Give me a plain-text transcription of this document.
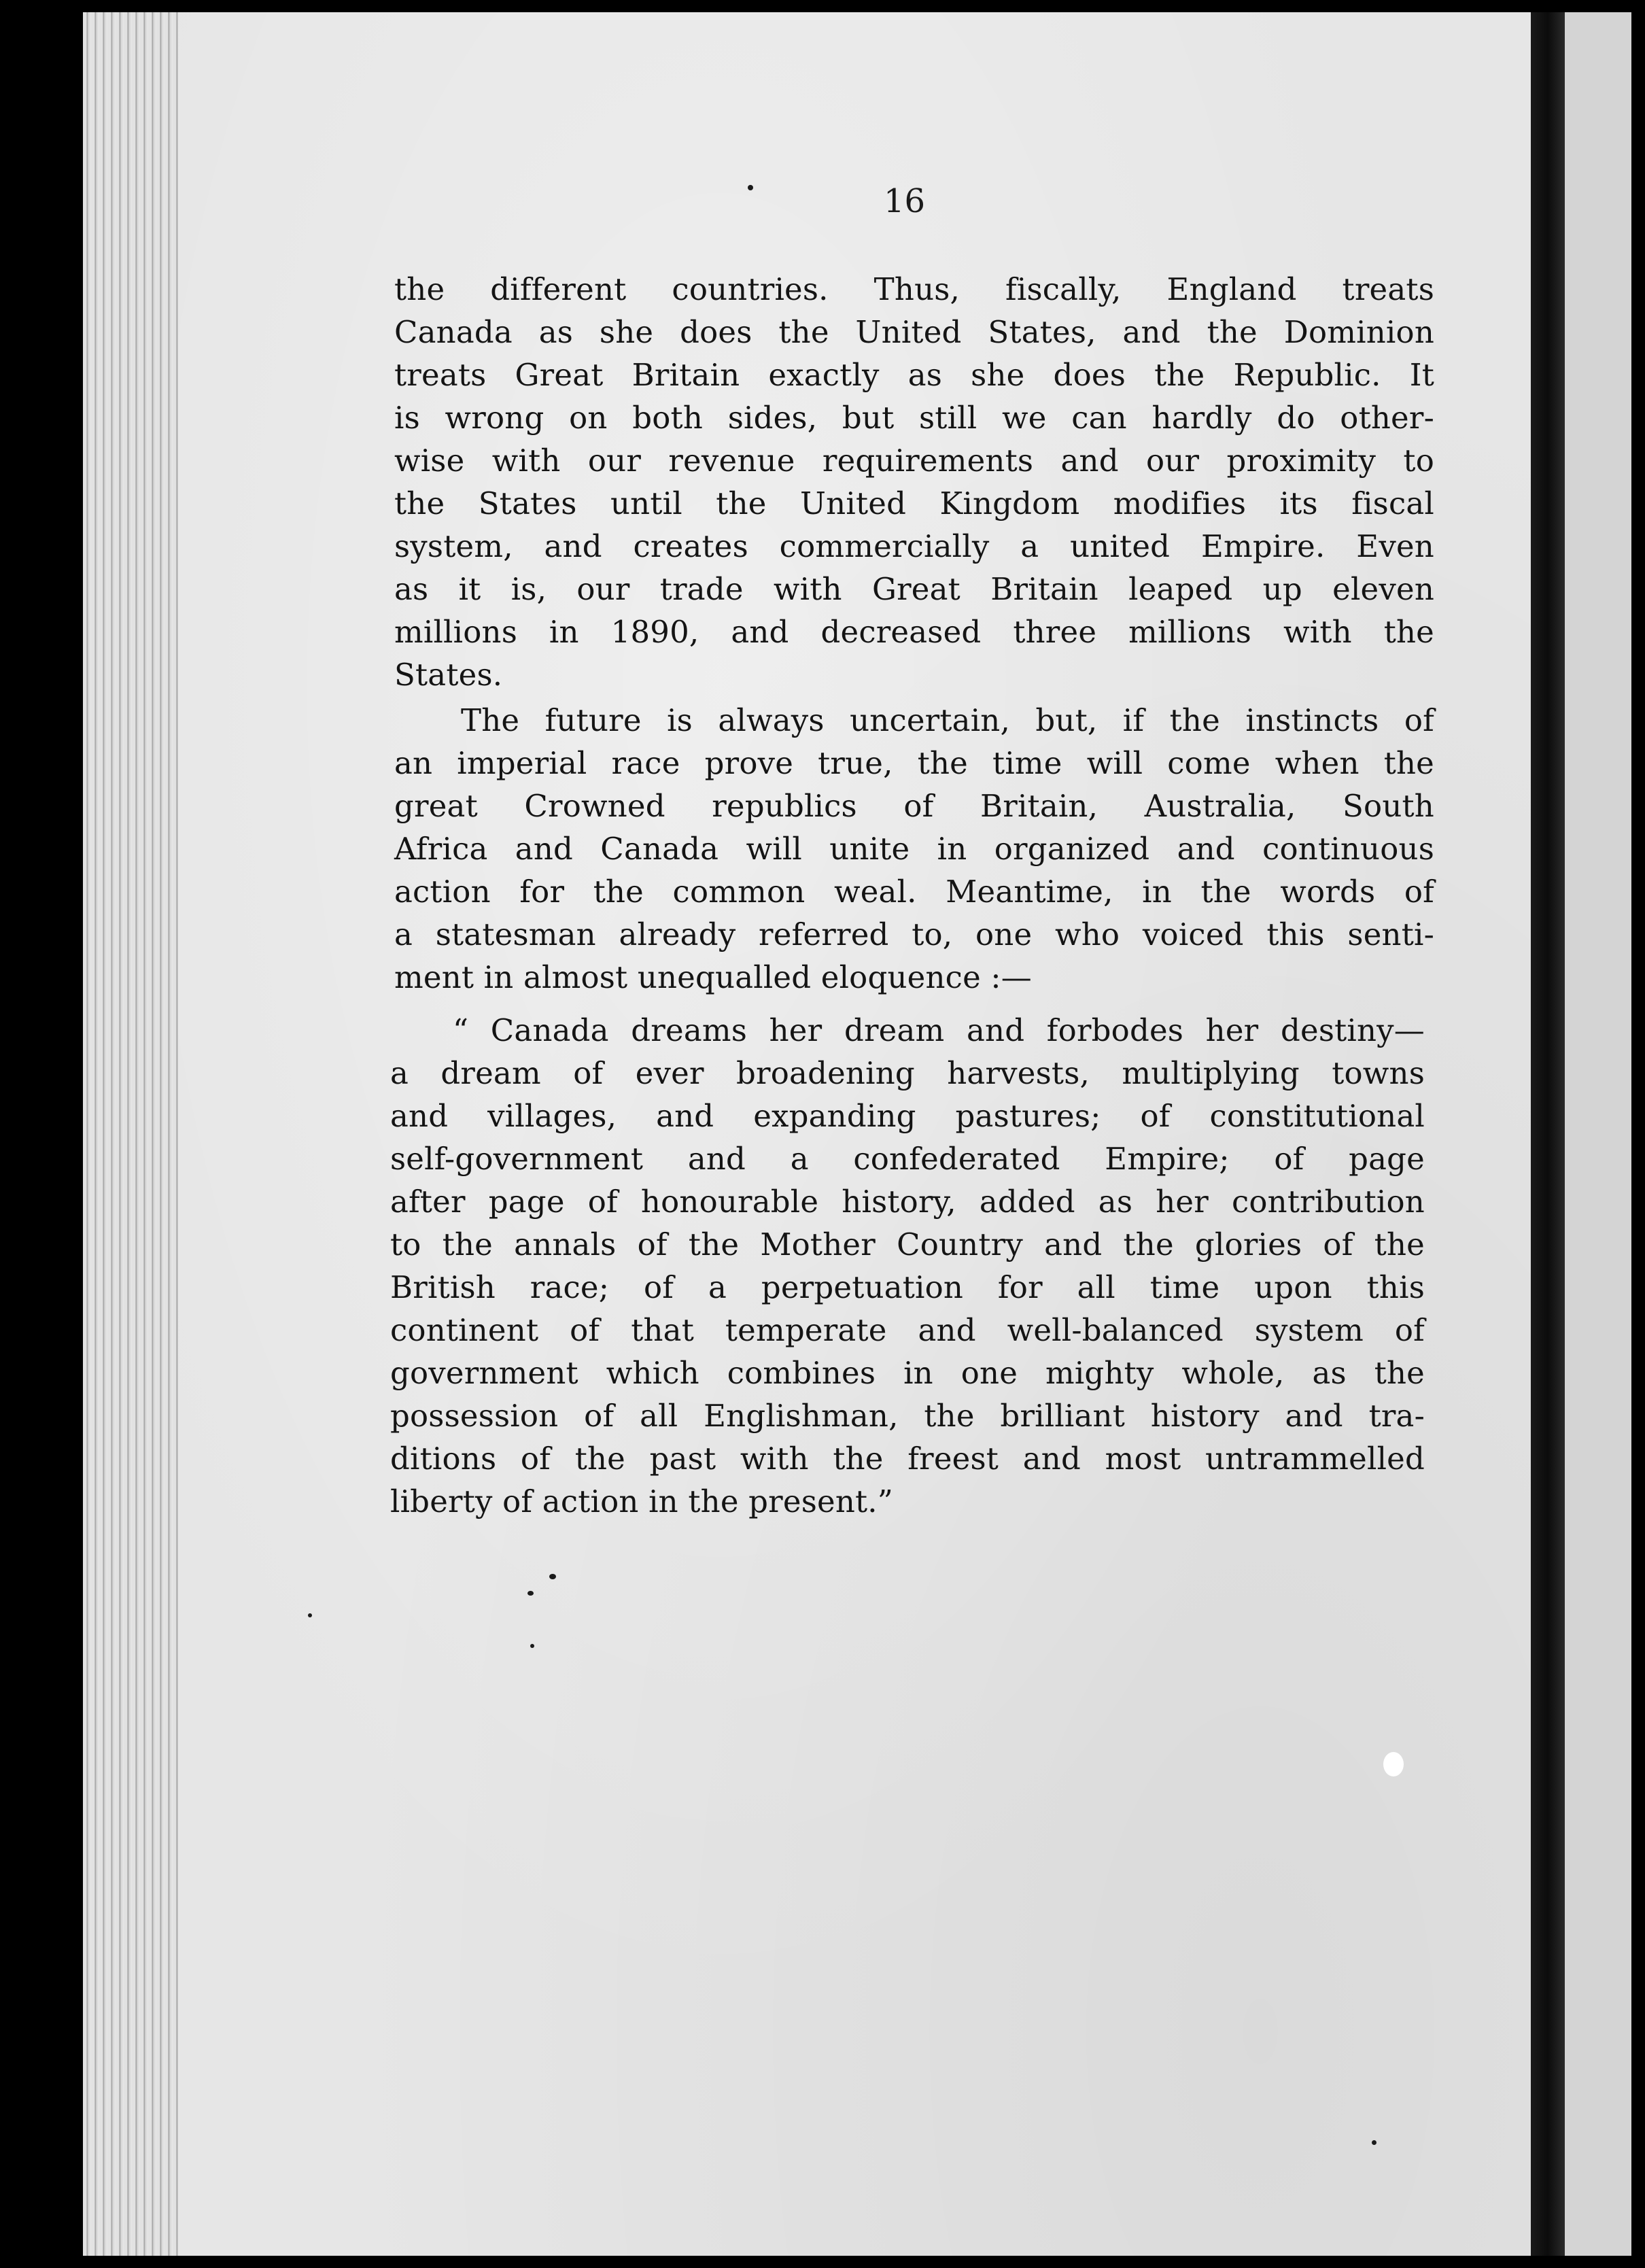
16
the different countries. Thus, fiscally, England treats
Canada as she does the United States, and the Dominion
treats Great Britain exactly as she does the Republic. It
is wrong on both sides, but still we can hardly do other-
wise with our revenue requirements and our proximity to
the States until the United Kingdom modifies its fiscal
system, and creates commercially a united Empire. Even
as it is, our trade with Great Britain leaped up eleven
millions in 1890, and decreased three millions with the
States.
The future is always uncertain, but, if the instincts of
an imperial race prove true, the time will come when the
great Crowned republics of Britain, Australia, South
Africa and Canada will unite in organized and continuous
action for the common weal. Meantime, in the words of
a statesman already referred to, one who voiced this senti-
ment in almost unequalled eloquence :—
“ Canada dreams her dream and forbodes her destiny—
a dream of ever broadening harvests, multiplying towns
and villages, and expanding pastures; of constitutional
self-government and a confederated Empire; of page
after page of honourable history, added as her contribution
to the annals of the Mother Country and the glories of the
British race; of a perpetuation for all time upon this
continent of that temperate and well-balanced system of
government which combines in one mighty whole, as the
possession of all Englishman, the brilliant history and tra-
ditions of the past with the freest and most untrammelled
liberty of action in the present.”
